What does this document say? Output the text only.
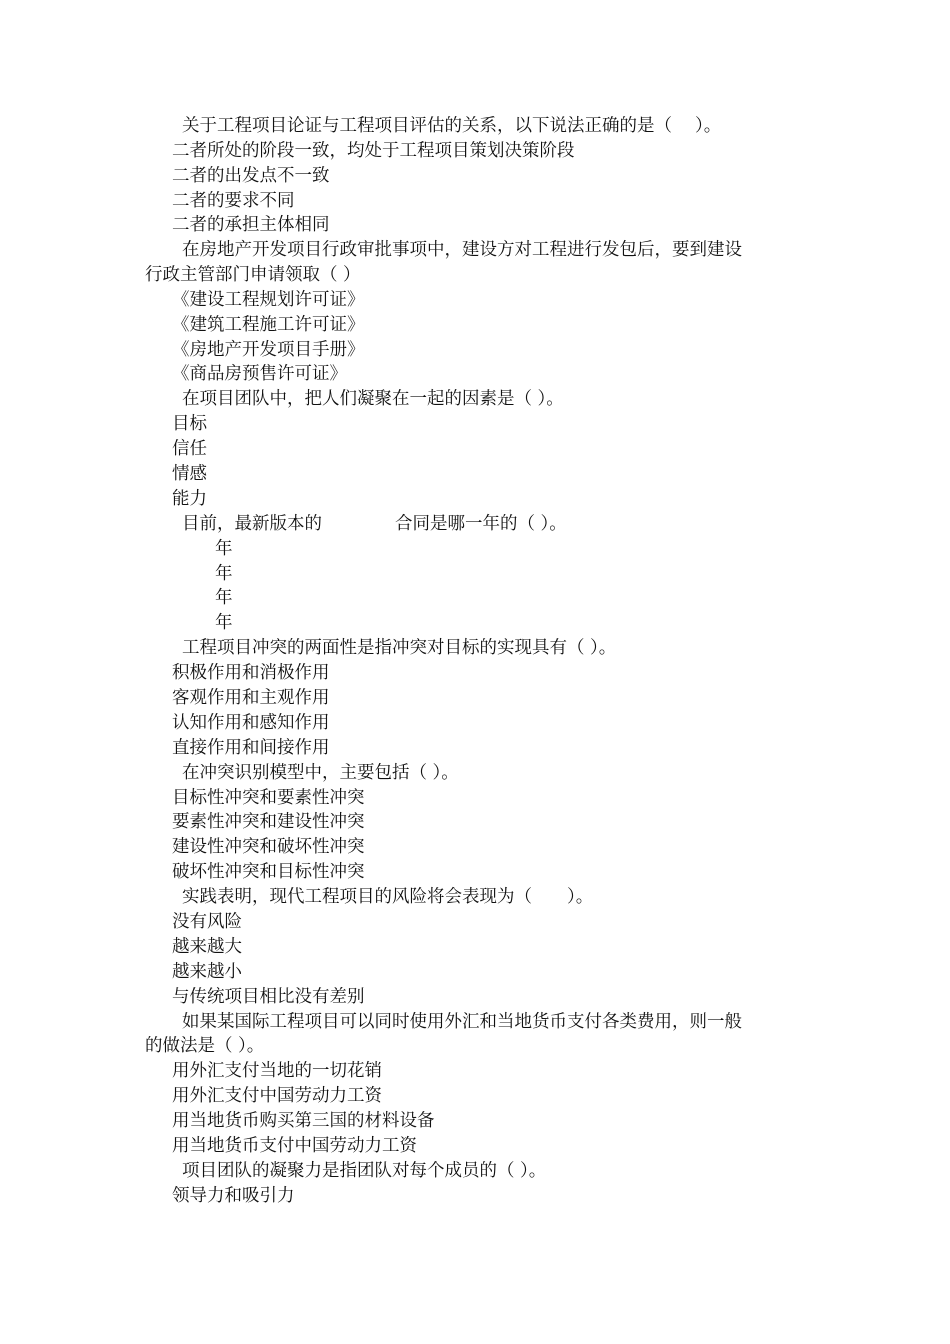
关于工程项目论证与工程项目评估的关系，以下说法正确的是（　 ）。
二者所处的阶段一致，均处于工程项目策划决策阶段
二者的出发点不一致
二者的要求不同
二者的承担主体相同
在房地产开发项目行政审批事项中，建设方对工程进行发包后，要到建设
行政主管部门申请领取（ ）
《建设工程规划许可证》
《建筑工程施工许可证》
《房地产开发项目手册》
《商品房预售许可证》
在项目团队中，把人们凝聚在一起的因素是（ ）。
目标
信任
情感
能力
目前，最新版本的	合同是哪一年的（ ）。
年
年
年
年
工程项目冲突的两面性是指冲突对目标的实现具有（ ）。
积极作用和消极作用
客观作用和主观作用
认知作用和感知作用
直接作用和间接作用
在冲突识别模型中，主要包括（ ）。
目标性冲突和要素性冲突
要素性冲突和建设性冲突
建设性冲突和破坏性冲突
破坏性冲突和目标性冲突
实践表明，现代工程项目的风险将会表现为（　　）。
没有风险
越来越大
越来越小
与传统项目相比没有差别
如果某国际工程项目可以同时使用外汇和当地货币支付各类费用，则一般
的做法是（ ）。
用外汇支付当地的一切花销
用外汇支付中国劳动力工资
用当地货币购买第三国的材料设备
用当地货币支付中国劳动力工资
项目团队的凝聚力是指团队对每个成员的（ ）。
领导力和吸引力
